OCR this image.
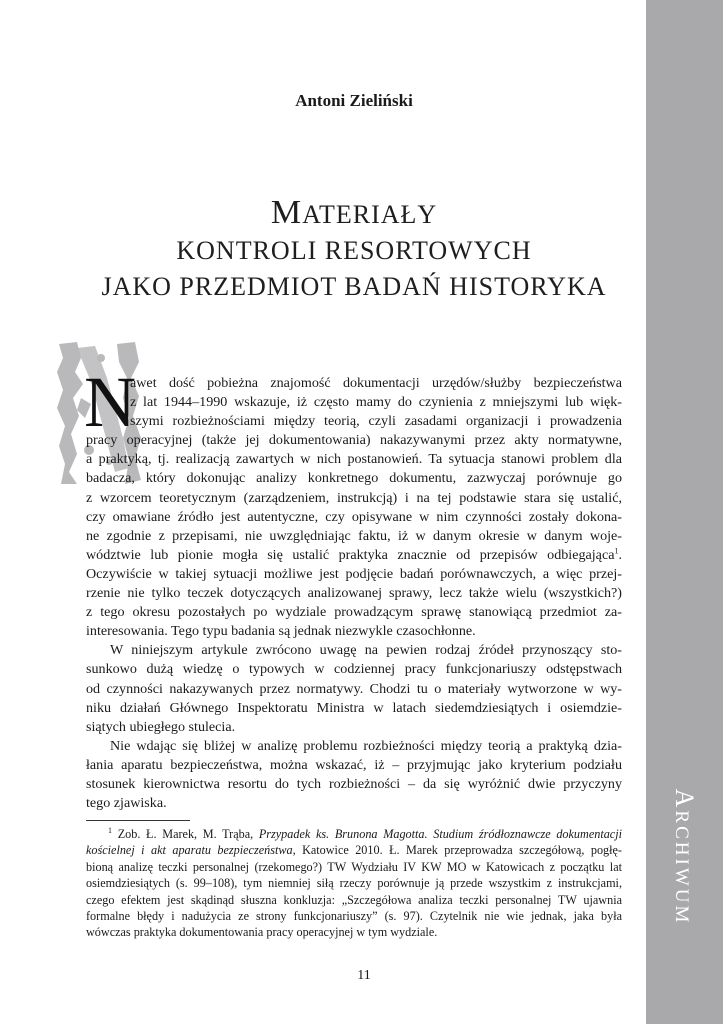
ARCHIWUM
Antoni Zieliński
MATERIAŁY
KONTROLI RESORTOWYCH
JAKO PRZEDMIOT BADAŃ HISTORYKA
N
awet dość pobieżna znajomość dokumentacji urzędów/służby bezpieczeństwa
z lat 1944–1990 wskazuje, iż często mamy do czynienia z mniejszymi lub więk-
szymi rozbieżnościami między teorią, czyli zasadami organizacji i prowadzenia
pracy operacyjnej (także jej dokumentowania) nakazywanymi przez akty normatywne,
a praktyką, tj. realizacją zawartych w nich postanowień. Ta sytuacja stanowi problem dla
badacza, który dokonując analizy konkretnego dokumentu, zazwyczaj porównuje go
z wzorcem teoretycznym (zarządzeniem, instrukcją) i na tej podstawie stara się ustalić,
czy omawiane źródło jest autentyczne, czy opisywane w nim czynności zostały dokona-
ne zgodnie z przepisami, nie uwzględniając faktu, iż w danym okresie w danym woje-
wództwie lub pionie mogła się ustalić praktyka znacznie od przepisów odbiegająca$^1$.
Oczywiście w takiej sytuacji możliwe jest podjęcie badań porównawczych, a więc przej-
rzenie nie tylko teczek dotyczących analizowanej sprawy, lecz także wielu (wszystkich?)
z tego okresu pozostałych po wydziale prowadzącym sprawę stanowiącą przedmiot za-
interesowania. Tego typu badania są jednak niezwykle czasochłonne.
W niniejszym artykule zwrócono uwagę na pewien rodzaj źródeł przynoszący sto-
sunkowo dużą wiedzę o typowych w codziennej pracy funkcjonariuszy odstępstwach
od czynności nakazywanych przez normatywy. Chodzi tu o materiały wytworzone w wy-
niku działań Głównego Inspektoratu Ministra w latach siedemdziesiątych i osiemdzie-
siątych ubiegłego stulecia.
Nie wdając się bliżej w analizę problemu rozbieżności między teorią a praktyką dzia-
łania aparatu bezpieczeństwa, można wskazać, iż – przyjmując jako kryterium podziału
stosunek kierownictwa resortu do tych rozbieżności – da się wyróżnić dwie przyczyny
tego zjawiska.
$^1$ Zob. Ł. Marek, M. Trąba, Przypadek ks. Brunona Magotta. Studium źródłoznawcze dokumentacji
kościelnej i akt aparatu bezpieczeństwa, Katowice 2010. Ł. Marek przeprowadza szczegółową, pogłę-
bioną analizę teczki personalnej (rzekomego?) TW Wydziału IV KW MO w Katowicach z początku lat
osiemdziesiątych (s. 99–108), tym niemniej siłą rzeczy porównuje ją przede wszystkim z instrukcjami,
czego efektem jest skądinąd słuszna konkluzja: „Szczegółowa analiza teczki personalnej TW ujawnia
formalne błędy i nadużycia ze strony funkcjonariuszy” (s. 97). Czytelnik nie wie jednak, jaka była
wówczas praktyka dokumentowania pracy operacyjnej w tym wydziale.
11
